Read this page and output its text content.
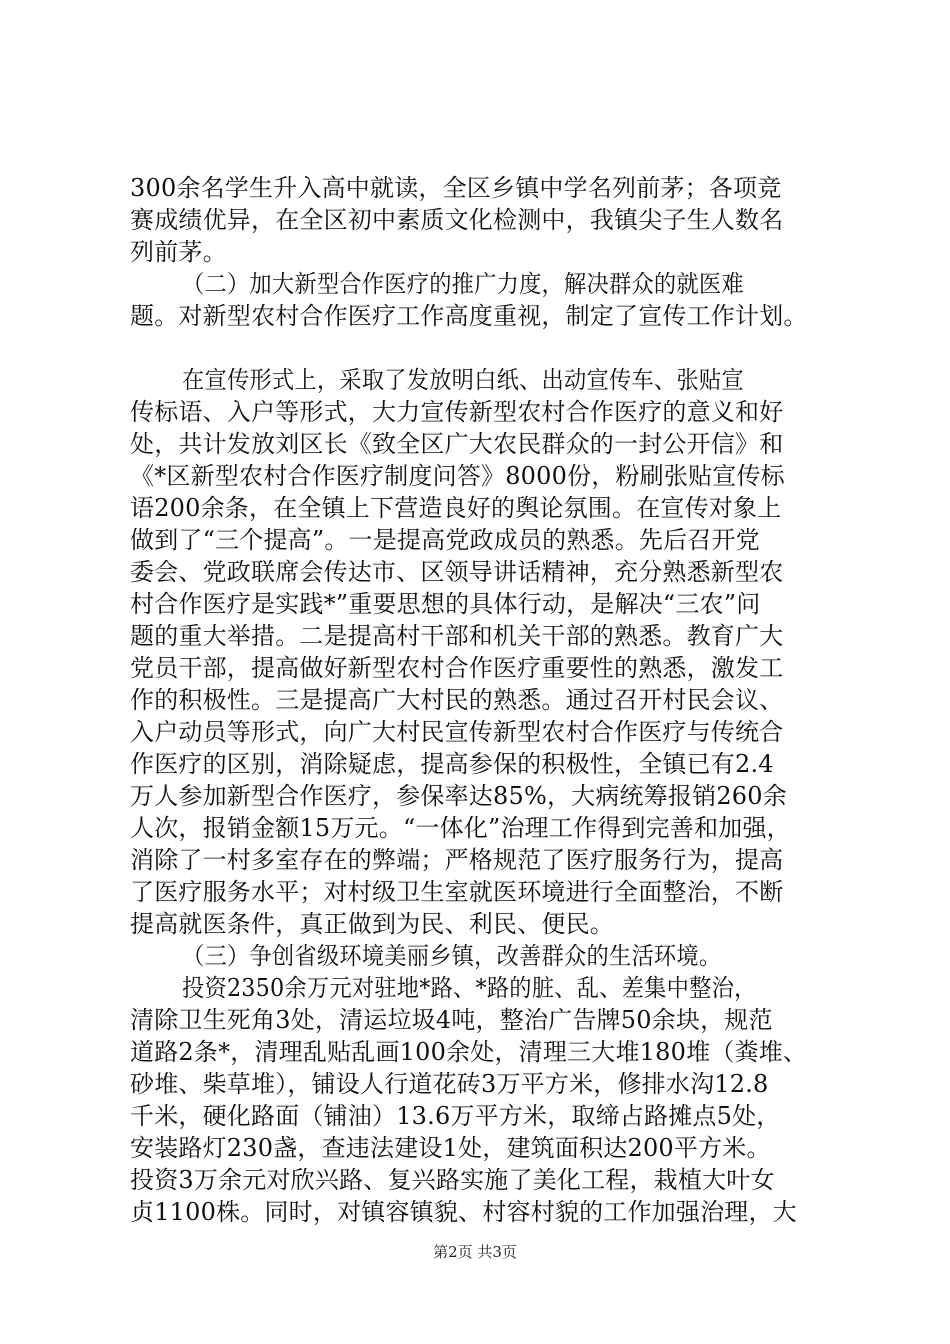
300余名学生升入高中就读，全区乡镇中学名列前茅；各项竞
赛成绩优异，在全区初中素质文化检测中，我镇尖子生人数名
列前茅。
（二）加大新型合作医疗的推广力度，解决群众的就医难
题。对新型农村合作医疗工作高度重视，制定了宣传工作计划。
在宣传形式上，采取了发放明白纸、出动宣传车、张贴宣
传标语、入户等形式，大力宣传新型农村合作医疗的意义和好
处，共计发放刘区长《致全区广大农民群众的一封公开信》和
《*区新型农村合作医疗制度问答》8000份，粉刷张贴宣传标
语200余条，在全镇上下营造良好的舆论氛围。在宣传对象上
做到了“三个提高”。一是提高党政成员的熟悉。先后召开党
委会、党政联席会传达市、区领导讲话精神，充分熟悉新型农
村合作医疗是实践*”重要思想的具体行动，是解决“三农”问
题的重大举措。二是提高村干部和机关干部的熟悉。教育广大
党员干部，提高做好新型农村合作医疗重要性的熟悉，激发工
作的积极性。三是提高广大村民的熟悉。通过召开村民会议、
入户动员等形式，向广大村民宣传新型农村合作医疗与传统合
作医疗的区别，消除疑虑，提高参保的积极性，全镇已有2.4
万人参加新型合作医疗，参保率达85%，大病统筹报销260余
人次，报销金额15万元。“一体化”治理工作得到完善和加强，
消除了一村多室存在的弊端；严格规范了医疗服务行为，提高
了医疗服务水平；对村级卫生室就医环境进行全面整治，不断
提高就医条件，真正做到为民、利民、便民。
（三）争创省级环境美丽乡镇，改善群众的生活环境。
投资2350余万元对驻地*路、*路的脏、乱、差集中整治，
清除卫生死角3处，清运垃圾4吨，整治广告牌50余块，规范
道路2条*，清理乱贴乱画100余处，清理三大堆180堆（粪堆、
砂堆、柴草堆），铺设人行道花砖3万平方米，修排水沟12.8
千米，硬化路面（铺油）13.6万平方米，取缔占路摊点5处，
安装路灯230盏，查违法建设1处，建筑面积达200平方米。
投资3万余元对欣兴路、复兴路实施了美化工程，栽植大叶女
贞1100株。同时，对镇容镇貌、村容村貌的工作加强治理，大
第2页 共3页
